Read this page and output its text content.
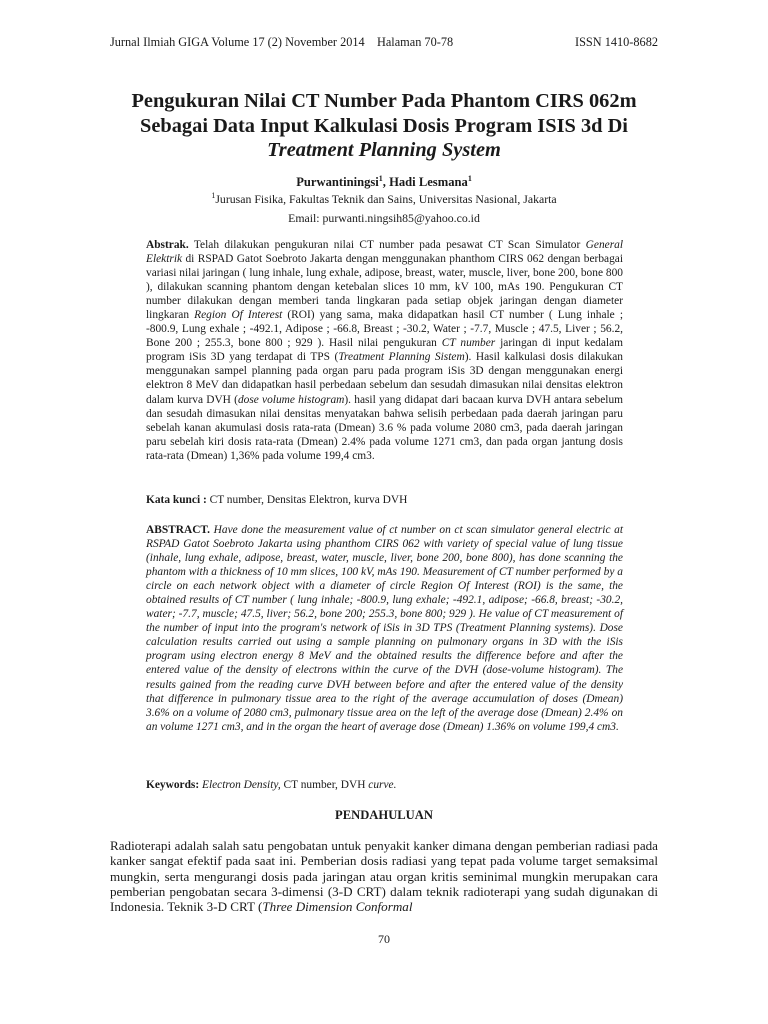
Jurnal Ilmiah GIGA Volume 17 (2) November 2014 Halaman 70-78	ISSN 1410-8682
Pengukuran Nilai CT Number Pada Phantom CIRS 062m Sebagai Data Input Kalkulasi Dosis Program ISIS 3d Di Treatment Planning System
Purwantiningsi$^1$, Hadi Lesmana$^1$
$^1$Jurusan Fisika, Fakultas Teknik dan Sains, Universitas Nasional, Jakarta
Email: purwanti.ningsih85@yahoo.co.id
Abstrak. Telah dilakukan pengukuran nilai CT number pada pesawat CT Scan Simulator General Elektrik di RSPAD Gatot Soebroto Jakarta dengan menggunakan phanthom CIRS 062 dengan berbagai variasi nilai jaringan ( lung inhale, lung exhale, adipose, breast, water, muscle, liver, bone 200, bone 800 ), dilakukan scanning phantom dengan ketebalan slices 10 mm, kV 100, mAs 190. Pengukuran CT number dilakukan dengan memberi tanda lingkaran pada setiap objek jaringan dengan diameter lingkaran Region Of Interest (ROI) yang sama, maka didapatkan hasil CT number ( Lung inhale ; -800.9, Lung exhale ; -492.1, Adipose ; -66.8, Breast ; -30.2, Water ; -7.7, Muscle ; 47.5, Liver ; 56.2, Bone 200 ; 255.3, bone 800 ; 929 ). Hasil nilai pengukuran CT number jaringan di input kedalam program iSis 3D yang terdapat di TPS (Treatment Planning Sistem). Hasil kalkulasi dosis dilakukan menggunakan sampel planning pada organ paru pada program iSis 3D dengan menggunakan energi elektron 8 MeV dan didapatkan hasil perbedaan sebelum dan sesudah dimasukan nilai densitas elektron dalam kurva DVH (dose volume histogram). hasil yang didapat dari bacaan kurva DVH antara sebelum dan sesudah dimasukan nilai densitas menyatakan bahwa selisih perbedaan pada daerah jaringan paru sebelah kanan akumulasi dosis rata-rata (Dmean) 3.6 % pada volume 2080 cm3, pada daerah jaringan paru sebelah kiri dosis rata-rata (Dmean) 2.4% pada volume 1271 cm3, dan pada organ jantung dosis rata-rata (Dmean) 1,36% pada volume 199,4 cm3.
Kata kunci : CT number, Densitas Elektron, kurva DVH
ABSTRACT. Have done the measurement value of ct number on ct scan simulator general electric at RSPAD Gatot Soebroto Jakarta using phanthom CIRS 062 with variety of special value of lung tissue (inhale, lung exhale, adipose, breast, water, muscle, liver, bone 200, bone 800), has done scanning the phantom with a thickness of 10 mm slices, 100 kV, mAs 190. Measurement of CT number performed by a circle on each network object with a diameter of circle Region Of Interest (ROI) is the same, the obtained results of CT number ( lung inhale; -800.9, lung exhale; -492.1, adipose; -66.8, breast; -30.2, water; -7.7, muscle; 47.5, liver; 56.2, bone 200; 255.3, bone 800; 929 ). He value of CT measurement of the number of input into the program's network of iSis in 3D TPS (Treatment Planning systems). Dose calculation results carried out using a sample planning on pulmonary organs in 3D with the iSis program using electron energy 8 MeV and the obtained results the difference before and after the entered value of the density of electrons within the curve of the DVH (dose-volume histogram). The results gained from the reading curve DVH between before and after the entered value of the density that difference in pulmonary tissue area to the right of the average accumulation of doses (Dmean) 3.6% on a volume of 2080 cm3, pulmonary tissue area on the left of the average dose (Dmean) 2.4% on an volume 1271 cm3, and in the organ the heart of average dose (Dmean) 1.36% on volume 199,4 cm3.
Keywords: Electron Density, CT number, DVH curve.
PENDAHULUAN
Radioterapi adalah salah satu pengobatan untuk penyakit kanker dimana dengan pemberian radiasi pada kanker sangat efektif pada saat ini. Pemberian dosis radiasi yang tepat pada volume target semaksimal mungkin, serta mengurangi dosis pada jaringan atau organ kritis seminimal mungkin merupakan cara pemberian pengobatan secara 3-dimensi (3-D CRT) dalam teknik radioterapi yang sudah digunakan di Indonesia. Teknik 3-D CRT (Three Dimension Conformal
70
